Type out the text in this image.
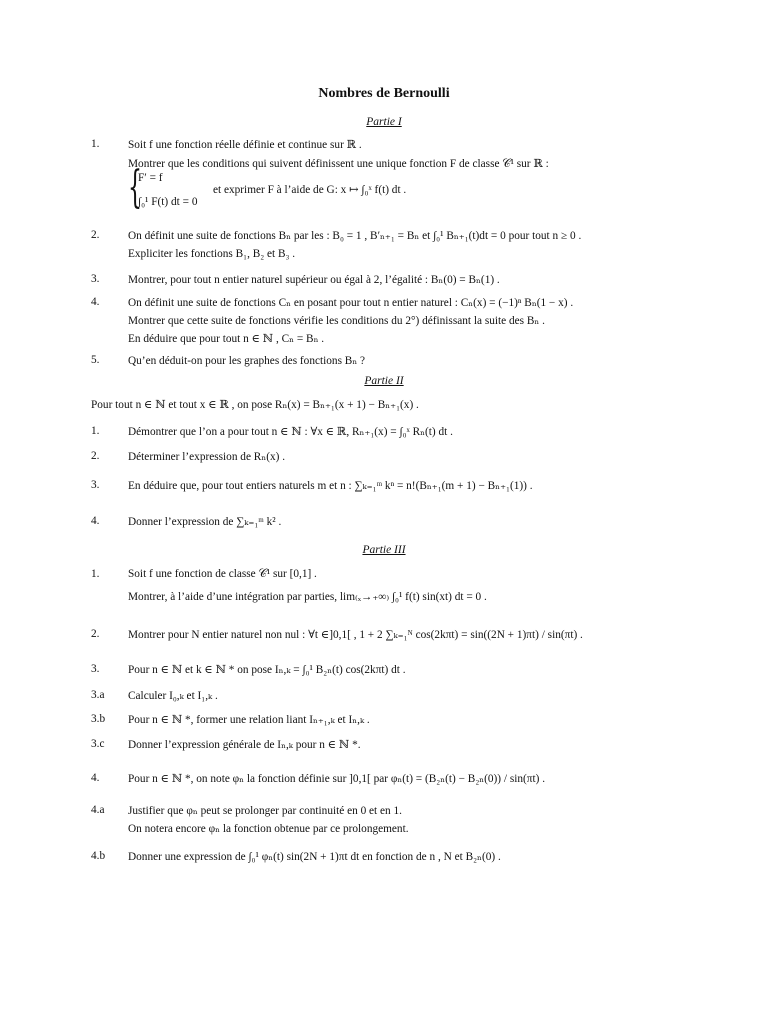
Nombres de Bernoulli
Partie I
1.	Soit f une fonction réelle définie et continue sur ℝ .
Montrer que les conditions qui suivent définissent une unique fonction F de classe 𝒞¹ sur ℝ :
{
F′ = f
∫₀¹ F(t) dt = 0
et exprimer F à l’aide de G: x ↦ ∫₀ˣ f(t) dt .
2.	On définit une suite de fonctions Bₙ par les : B₀ = 1 , B′ₙ₊₁ = Bₙ et ∫₀¹ Bₙ₊₁(t)dt = 0 pour tout n ≥ 0 .
Expliciter les fonctions B₁, B₂ et B₃ .
3.	Montrer, pour tout n entier naturel supérieur ou égal à 2, l’égalité : Bₙ(0) = Bₙ(1) .
4.	On définit une suite de fonctions Cₙ en posant pour tout n entier naturel : Cₙ(x) = (−1)ⁿ Bₙ(1 − x) .
Montrer que cette suite de fonctions vérifie les conditions du 2°) définissant la suite des Bₙ .
En déduire que pour tout n ∈ ℕ , Cₙ = Bₙ .
5.	Qu’en déduit-on pour les graphes des fonctions Bₙ ?
Partie II
Pour tout n ∈ ℕ et tout x ∈ ℝ , on pose Rₙ(x) = Bₙ₊₁(x + 1) − Bₙ₊₁(x) .
1.	Démontrer que l’on a pour tout n ∈ ℕ : ∀x ∈ ℝ, Rₙ₊₁(x) = ∫₀ˣ Rₙ(t) dt .
2.	Déterminer l’expression de Rₙ(x) .
3.	En déduire que, pour tout entiers naturels m et n : ∑ₖ₌₁ᵐ kⁿ = n!(Bₙ₊₁(m + 1) − Bₙ₊₁(1)) .
4.	Donner l’expression de ∑ₖ₌₁ᵐ k² .
Partie III
1.	Soit f une fonction de classe 𝒞¹ sur [0,1] .
Montrer, à l’aide d’une intégration par parties, lim₍ₓ→₊∞₎ ∫₀¹ f(t) sin(xt) dt = 0 .
2.	Montrer pour N entier naturel non nul : ∀t ∈]0,1[ , 1 + 2 ∑ₖ₌₁ᴺ cos(2kπt) = sin((2N + 1)πt) / sin(πt) .
3.	Pour n ∈ ℕ et k ∈ ℕ * on pose Iₙ,ₖ = ∫₀¹ B₂ₙ(t) cos(2kπt) dt .
3.a Calculer I₀,ₖ et I₁,ₖ .
3.b Pour n ∈ ℕ *, former une relation liant Iₙ₊₁,ₖ et Iₙ,ₖ .
3.c Donner l’expression générale de Iₙ,ₖ pour n ∈ ℕ *.
4.	Pour n ∈ ℕ *, on note φₙ la fonction définie sur ]0,1[ par φₙ(t) = (B₂ₙ(t) − B₂ₙ(0)) / sin(πt) .
4.a Justifier que φₙ peut se prolonger par continuité en 0 et en 1.
On notera encore φₙ la fonction obtenue par ce prolongement.
4.b Donner une expression de ∫₀¹ φₙ(t) sin(2N + 1)πt dt en fonction de n , N et B₂ₙ(0) .
